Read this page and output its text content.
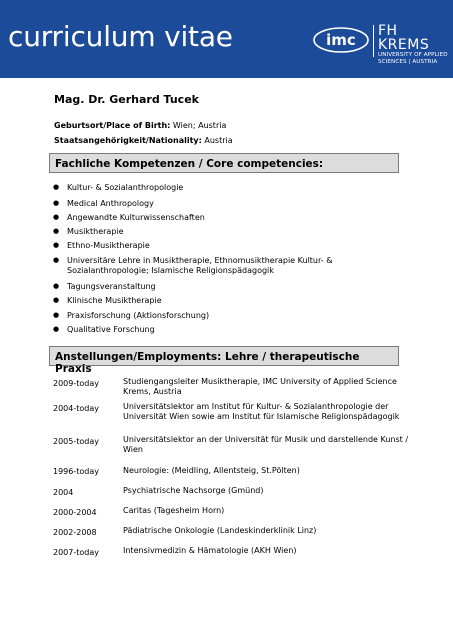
curriculum vitae	imc FH KREMS
UNIVERSITY OF APPLIED
SCIENCES | AUSTRIA
Mag. Dr. Gerhard Tucek
Geburtsort/Place of Birth: Wien; Austria
Staatsangehörigkeit/Nationality: Austria
Fachliche Kompetenzen / Core competencies:
● Kultur- & Sozialanthropologie
● Medical Anthropology
● Angewandte Kulturwissenschaften
● Musiktherapie
● Ethno-Musiktherapie
● Universitäre Lehre in Musiktherapie, Ethnomusiktherapie Kultur- & Sozialanthropologie; Islamische Religionspädagogik
● Tagungsveranstaltung
● Klinische Musiktherapie
● Praxisforschung (Aktionsforschung)
● Qualitative Forschung
Anstellungen/Employments: Lehre / therapeutische Praxis
2009-today	Studiengangsleiter Musiktherapie, IMC University of Applied Science Krems, Austria
2004-today	Universitätslektor am Institut für Kultur- & Sozialanthropologie der Universität Wien sowie am Institut für Islamische Religionspädagogik
2005-today	Universitätslektor an der Universität für Musik und darstellende Kunst / Wien
1996-today	Neurologie: (Meidling, Allentsteig, St.Pölten)
2004	Psychiatrische Nachsorge (Gmünd)
2000-2004	Caritas (Tagesheim Horn)
2002-2008	Pädiatrische Onkologie (Landeskinderklinik Linz)
2007-today	Intensivmedizin & Hämatologie (AKH Wien)
